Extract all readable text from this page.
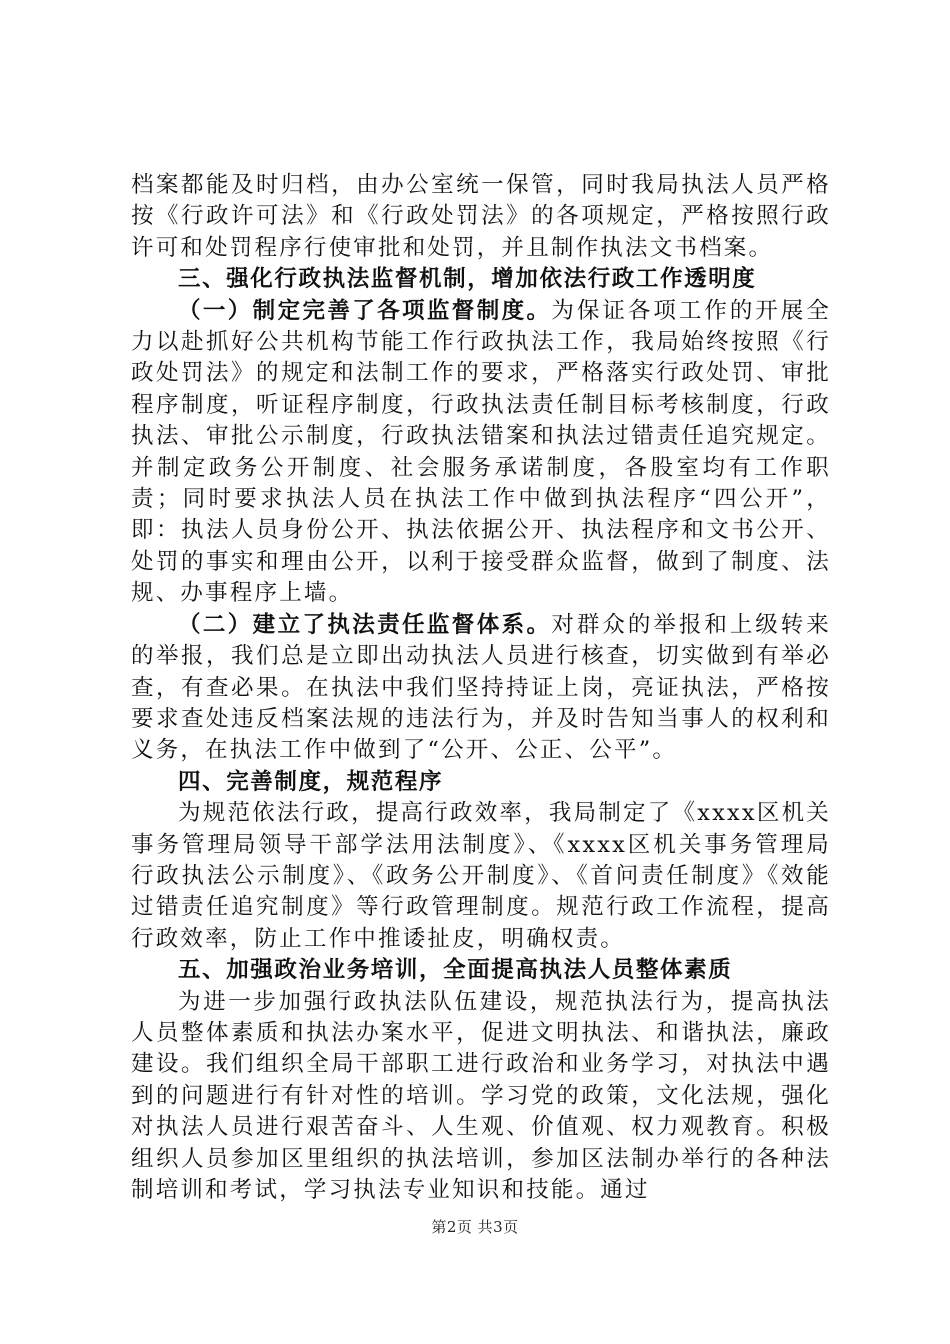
档案都能及时归档，由办公室统一保管，同时我局执法人员严格按《行政许可法》和《行政处罚法》的各项规定，严格按照行政许可和处罚程序行使审批和处罚，并且制作执法文书档案。

三、强化行政执法监督机制，增加依法行政工作透明度

（一）制定完善了各项监督制度。为保证各项工作的开展全力以赴抓好公共机构节能工作行政执法工作，我局始终按照《行政处罚法》的规定和法制工作的要求，严格落实行政处罚、审批程序制度，听证程序制度，行政执法责任制目标考核制度，行政执法、审批公示制度，行政执法错案和执法过错责任追究规定。并制定政务公开制度、社会服务承诺制度，各股室均有工作职责；同时要求执法人员在执法工作中做到执法程序“四公开”，即：执法人员身份公开、执法依据公开、执法程序和文书公开、处罚的事实和理由公开，以利于接受群众监督，做到了制度、法规、办事程序上墙。

（二）建立了执法责任监督体系。对群众的举报和上级转来的举报，我们总是立即出动执法人员进行核查，切实做到有举必查，有查必果。在执法中我们坚持持证上岗，亮证执法，严格按要求查处违反档案法规的违法行为，并及时告知当事人的权利和义务，在执法工作中做到了“公开、公正、公平”。

四、完善制度，规范程序

为规范依法行政，提高行政效率，我局制定了《xxxx区机关事务管理局领导干部学法用法制度》、《xxxx区机关事务管理局行政执法公示制度》、《政务公开制度》、《首问责任制度》《效能过错责任追究制度》等行政管理制度。规范行政工作流程，提高行政效率，防止工作中推诿扯皮，明确权责。

五、加强政治业务培训，全面提高执法人员整体素质

为进一步加强行政执法队伍建设，规范执法行为，提高执法人员整体素质和执法办案水平，促进文明执法、和谐执法，廉政建设。我们组织全局干部职工进行政治和业务学习，对执法中遇到的问题进行有针对性的培训。学习党的政策，文化法规，强化对执法人员进行艰苦奋斗、人生观、价值观、权力观教育。积极组织人员参加区里组织的执法培训，参加区法制办举行的各种法制培训和考试，学习执法专业知识和技能。通过

第2页 共3页
